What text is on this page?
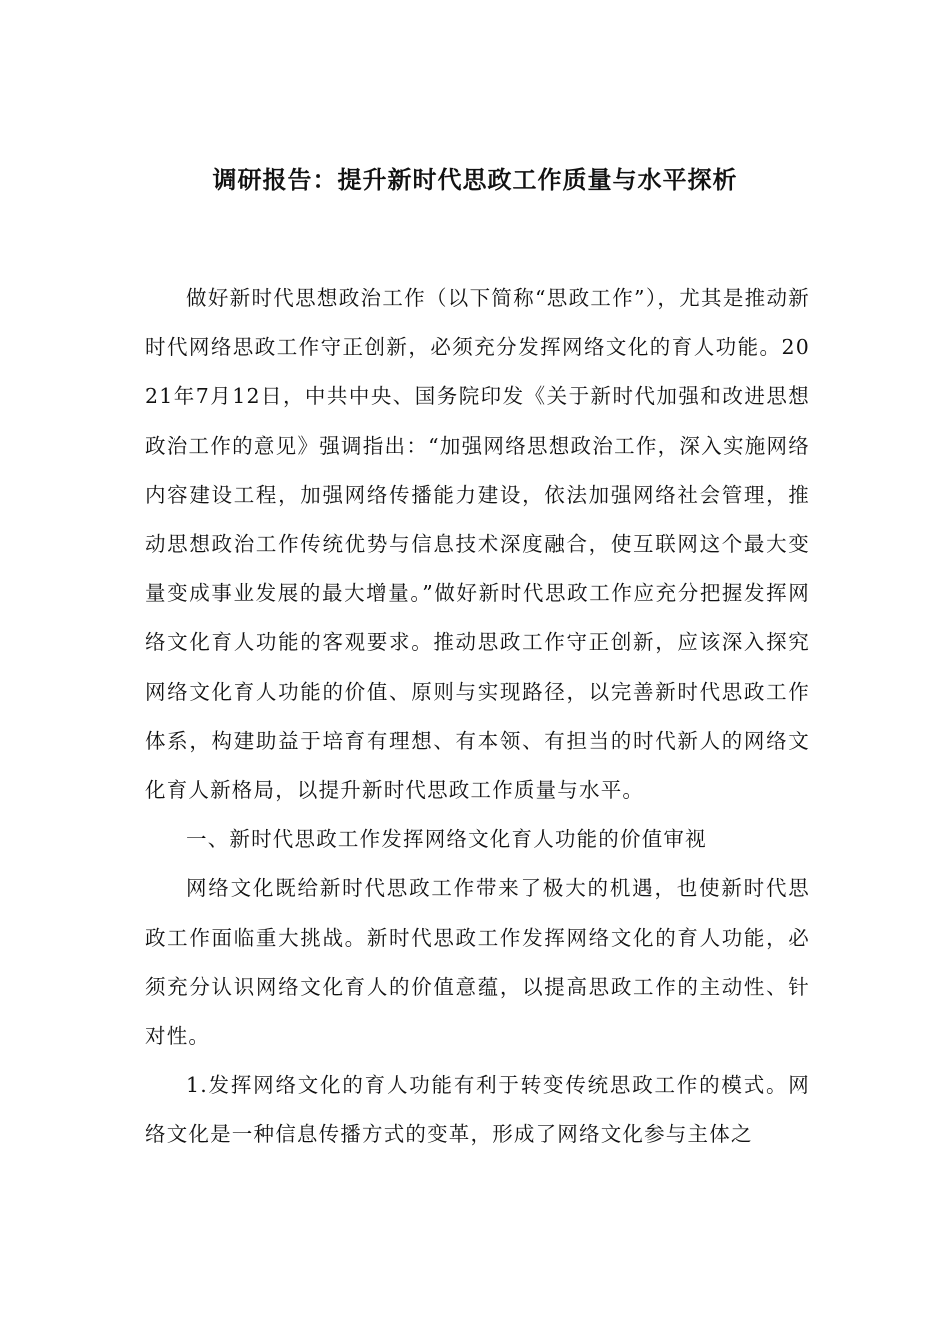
调研报告：提升新时代思政工作质量与水平探析

做好新时代思想政治工作（以下简称“思政工作”），尤其是推动新时代网络思政工作守正创新，必须充分发挥网络文化的育人功能。2021年7月12日，中共中央、国务院印发《关于新时代加强和改进思想政治工作的意见》强调指出：“加强网络思想政治工作，深入实施网络内容建设工程，加强网络传播能力建设，依法加强网络社会管理，推动思想政治工作传统优势与信息技术深度融合，使互联网这个最大变量变成事业发展的最大增量。”做好新时代思政工作应充分把握发挥网络文化育人功能的客观要求。推动思政工作守正创新，应该深入探究网络文化育人功能的价值、原则与实现路径，以完善新时代思政工作体系，构建助益于培育有理想、有本领、有担当的时代新人的网络文化育人新格局，以提升新时代思政工作质量与水平。

一、新时代思政工作发挥网络文化育人功能的价值审视

网络文化既给新时代思政工作带来了极大的机遇，也使新时代思政工作面临重大挑战。新时代思政工作发挥网络文化的育人功能，必须充分认识网络文化育人的价值意蕴，以提高思政工作的主动性、针对性。

1.发挥网络文化的育人功能有利于转变传统思政工作的模式。网络文化是一种信息传播方式的变革，形成了网络文化参与主体之
